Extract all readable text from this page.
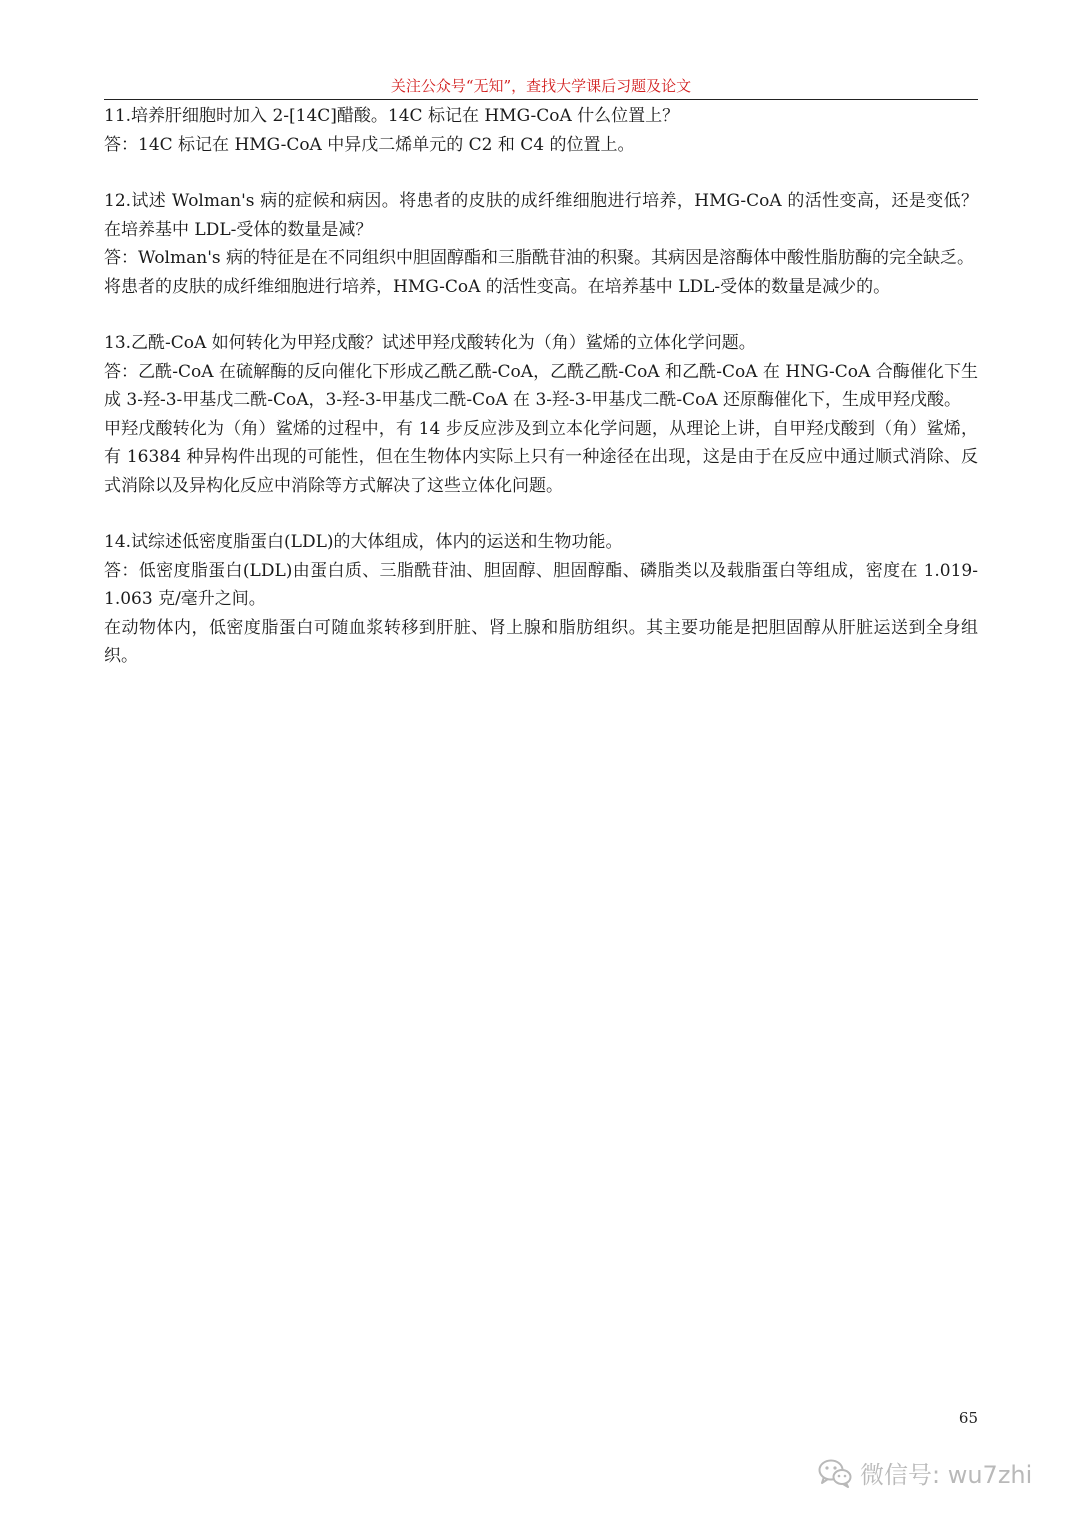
关注公众号“无知”，查找大学课后习题及论文

11.培养肝细胞时加入 2-[14C]醋酸。14C 标记在 HMG-CoA 什么位置上？

答：14C 标记在 HMG-CoA 中异戊二烯单元的 C2 和 C4 的位置上。

12.试述 Wolman's 病的症候和病因。将患者的皮肤的成纤维细胞进行培养，HMG-CoA 的活性变高，还是变低？在培养基中 LDL-受体的数量是减？

答：Wolman's 病的特征是在不同组织中胆固醇酯和三脂酰苷油的积聚。其病因是溶酶体中酸性脂肪酶的完全缺乏。

将患者的皮肤的成纤维细胞进行培养，HMG-CoA 的活性变高。在培养基中 LDL-受体的数量是减少的。

13.乙酰-CoA 如何转化为甲羟戊酸？试述甲羟戊酸转化为（角）鲨烯的立体化学问题。

答：乙酰-CoA 在硫解酶的反向催化下形成乙酰乙酰-CoA，乙酰乙酰-CoA 和乙酰-CoA 在 HNG-CoA 合酶催化下生成 3-羟-3-甲基戊二酰-CoA，3-羟-3-甲基戊二酰-CoA 在 3-羟-3-甲基戊二酰-CoA 还原酶催化下，生成甲羟戊酸。

甲羟戊酸转化为（角）鲨烯的过程中，有 14 步反应涉及到立本化学问题，从理论上讲，自甲羟戊酸到（角）鲨烯，有 16384 种异构件出现的可能性，但在生物体内实际上只有一种途径在出现，这是由于在反应中通过顺式消除、反式消除以及异构化反应中消除等方式解决了这些立体化问题。

14.试综述低密度脂蛋白(LDL)的大体组成，体内的运送和生物功能。

答：低密度脂蛋白(LDL)由蛋白质、三脂酰苷油、胆固醇、胆固醇酯、磷脂类以及载脂蛋白等组成，密度在 1.019-1.063 克/毫升之间。

在动物体内，低密度脂蛋白可随血浆转移到肝脏、肾上腺和脂肪组织。其主要功能是把胆固醇从肝脏运送到全身组织。

65
微信号: wu7zhi
